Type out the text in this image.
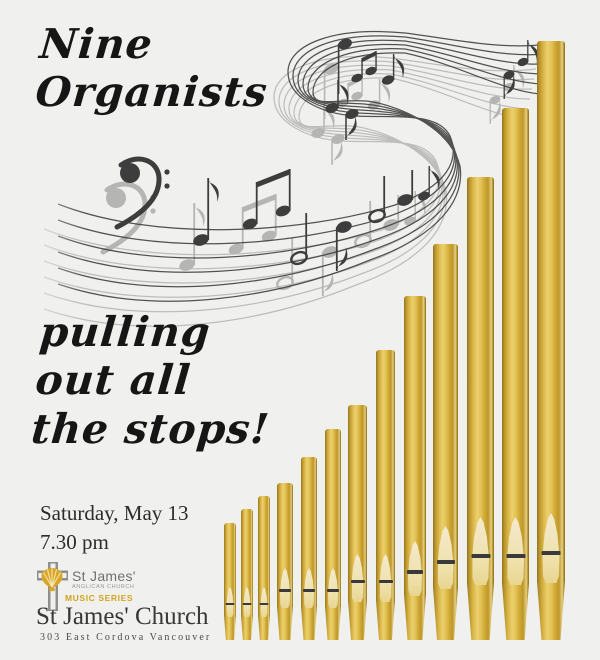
Nine
Organists
pulling
out all
the stops!
Saturday, May 13
7.30 pm
St James'
ANGLICAN CHURCH
MUSIC SERIES
St James' Church
303 East Cordova Vancouver
